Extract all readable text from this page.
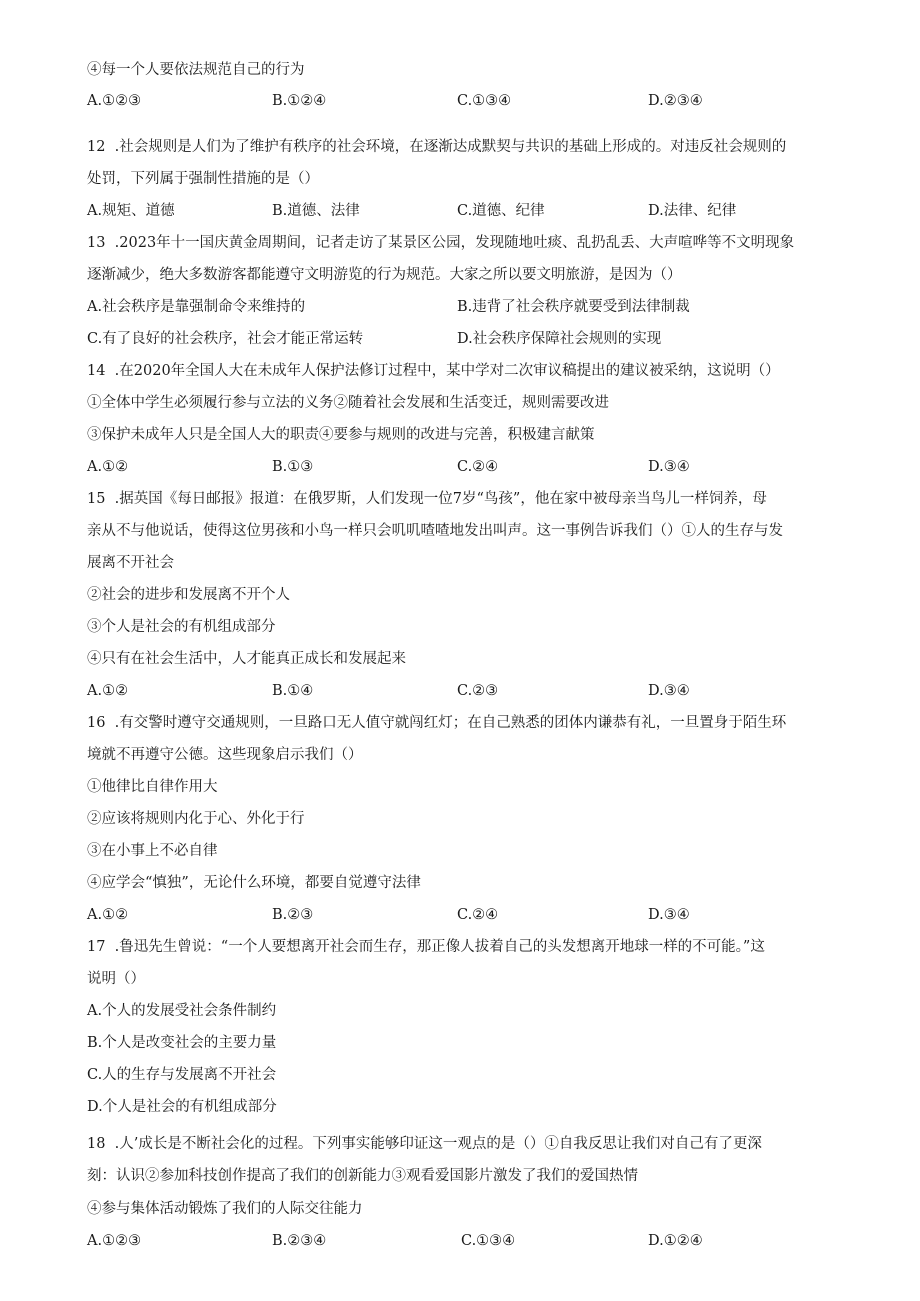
④每一个人要依法规范自己的行为
A.①②③	B.①②④	C.①③④	D.②③④
12  .社会规则是人们为了维护有秩序的社会环境，在逐渐达成默契与共识的基础上形成的。对违反社会规则的
处罚，下列属于强制性措施的是（）
A.规矩、道德	B.道德、法律	C.道德、纪律	D.法律、纪律
13  .2023年十一国庆黄金周期间，记者走访了某景区公园，发现随地吐痰、乱扔乱丢、大声喧哗等不文明现象
逐渐减少，绝大多数游客都能遵守文明游览的行为规范。大家之所以要文明旅游，是因为（）
A.社会秩序是靠强制命令来维持的	B.违背了社会秩序就要受到法律制裁
C.有了良好的社会秩序，社会才能正常运转	D.社会秩序保障社会规则的实现
14  .在2020年全国人大在未成年人保护法修订过程中，某中学对二次审议稿提出的建议被采纳，这说明（）
①全体中学生必须履行参与立法的义务②随着社会发展和生活变迁，规则需要改进
③保护未成年人只是全国人大的职责④要参与规则的改进与完善，积极建言献策
A.①②	B.①③	C.②④	D.③④
15  .据英国《每日邮报》报道：在俄罗斯，人们发现一位7岁“鸟孩”，他在家中被母亲当鸟儿一样饲养，母
亲从不与他说话，使得这位男孩和小鸟一样只会叽叽喳喳地发出叫声。这一事例告诉我们（）①人的生存与发
展离不开社会
②社会的进步和发展离不开个人
③个人是社会的有机组成部分
④只有在社会生活中，人才能真正成长和发展起来
A.①②	B.①④	C.②③	D.③④
16  .有交警时遵守交通规则，一旦路口无人值守就闯红灯；在自己熟悉的团体内谦恭有礼，一旦置身于陌生环
境就不再遵守公德。这些现象启示我们（）
①他律比自律作用大
②应该将规则内化于心、外化于行
③在小事上不必自律
④应学会“慎独”，无论什么环境，都要自觉遵守法律
A.①②	B.②③	C.②④	D.③④
17  .鲁迅先生曾说：“一个人要想离开社会而生存，那正像人拔着自己的头发想离开地球一样的不可能。”这
说明（）
A.个人的发展受社会条件制约
B.个人是改变社会的主要力量
C.人的生存与发展离不开社会
D.个人是社会的有机组成部分
18  .人’成长是不断社会化的过程。下列事实能够印证这一观点的是（）①自我反思让我们对自己有了更深
刻：认识②参加科技创作提高了我们的创新能力③观看爱国影片激发了我们的爱国热情
④参与集体活动锻炼了我们的人际交往能力
A.①②③	B.②③④	C.①③④	D.①②④
